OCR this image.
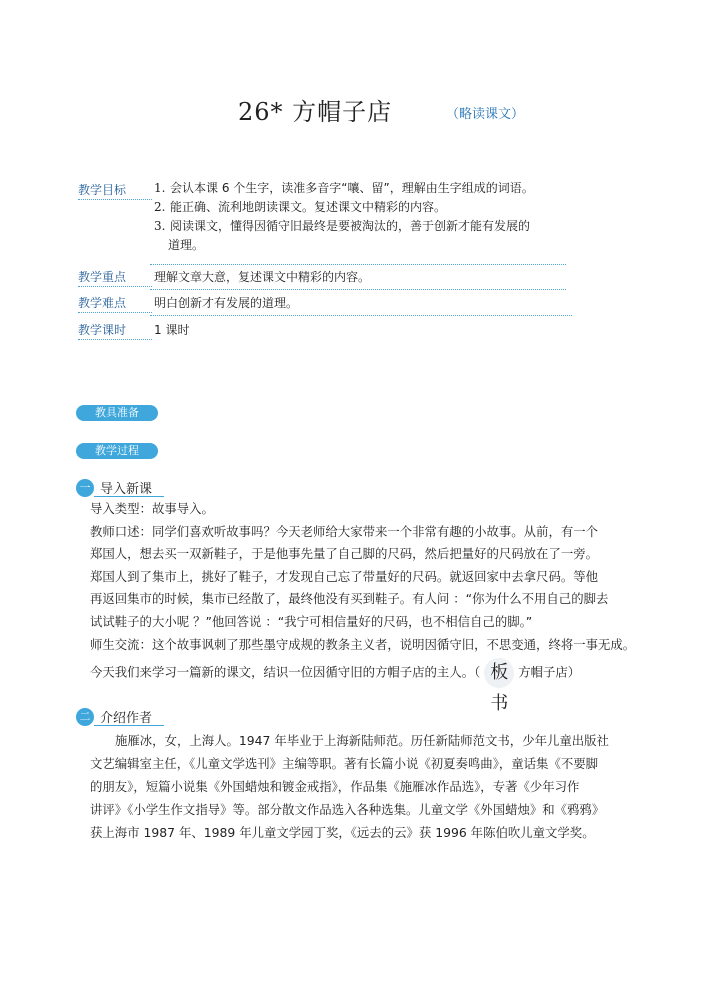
26* 方帽子店	（略读课文）
教学目标	1. 会认本课 6 个生字，读准多音字“嚷、留”，理解由生字组成的词语。
2. 能正确、流利地朗读课文。复述课文中精彩的内容。
3. 阅读课文，懂得因循守旧最终是要被淘汰的，善于创新才能有发展的
道理。
教学重点	理解文章大意，复述课文中精彩的内容。
教学难点	明白创新才有发展的道理。
教学课时	1 课时
教具准备
教学过程
一 导入新课

导入类型：故事导入。

教师口述：同学们喜欢听故事吗？今天老师给大家带来一个非常有趣的小故事。从前，有一个

郑国人，想去买一双新鞋子，于是他事先量了自己脚的尺码，然后把量好的尺码放在了一旁。

郑国人到了集市上，挑好了鞋子，才发现自己忘了带量好的尺码。就返回家中去拿尺码。等他

再返回集市的时候，集市已经散了，最终他没有买到鞋子。有人问 ：“你为什么不用自己的脚去

试试鞋子的大小呢 ？”他回答说 ：“我宁可相信量好的尺码，也不相信自己的脚。”

师生交流：这个故事讽刺了那些墨守成规的教条主义者，说明因循守旧，不思变通，终将一事无成。

今天我们来学习一篇新的课文，结识一位因循守旧的方帽子店的主人。（ 板书 方帽子店）

二 介绍作者
施雁冰，女，上海人。1947 年毕业于上海新陆师范。历任新陆师范文书，少年儿童出版社
文艺编辑室主任，《儿童文学选刊》主编等职。著有长篇小说《初夏奏鸣曲》，童话集《不要脚
的朋友》，短篇小说集《外国蜡烛和镀金戒指》，作品集《施雁冰作品选》，专著《少年习作
讲评》《小学生作文指导》等。部分散文作品选入各种选集。儿童文学《外国蜡烛》和《鸦鸦》
获上海市 1987 年、1989 年儿童文学园丁奖，《远去的云》获 1996 年陈伯吹儿童文学奖。
